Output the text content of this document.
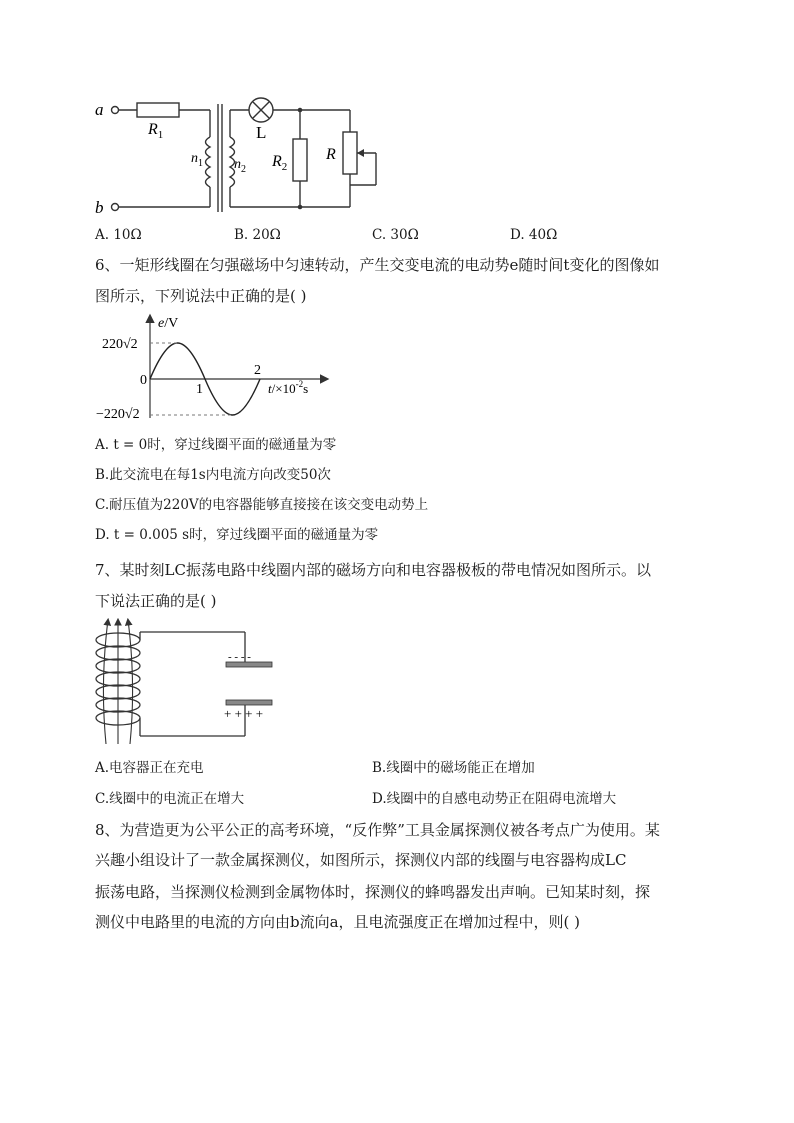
a
b
$R_1$
$n_1$ $n_2$
L
$R_2$
R
A. 10Ω	B. 20Ω	C. 30Ω	D. 40Ω
6、一矩形线圈在匀强磁场中匀速转动，产生交变电流的电动势e随时间t变化的图像如
图所示，下列说法中正确的是( )
e/V
220√2
−220√2
0
1
2
$t/\times 10^{-2}s$
A. t = 0时，穿过线圈平面的磁通量为零
B.此交流电在每1s内电流方向改变50次
C.耐压值为220V的电容器能够直接接在该交变电动势上
D. t = 0.005 s时，穿过线圈平面的磁通量为零
7、某时刻LC振荡电路中线圈内部的磁场方向和电容器极板的带电情况如图所示。以
下说法正确的是( )
- - - -
+ + + +
A.电容器正在充电	B.线圈中的磁场能正在增加
C.线圈中的电流正在增大	D.线圈中的自感电动势正在阻碍电流增大
8、为营造更为公平公正的高考环境，“反作弊”工具金属探测仪被各考点广为使用。某
兴趣小组设计了一款金属探测仪，如图所示，探测仪内部的线圈与电容器构成LC
振荡电路，当探测仪检测到金属物体时，探测仪的蜂鸣器发出声响。已知某时刻，探
测仪中电路里的电流的方向由b流向a，且电流强度正在增加过程中，则( )
